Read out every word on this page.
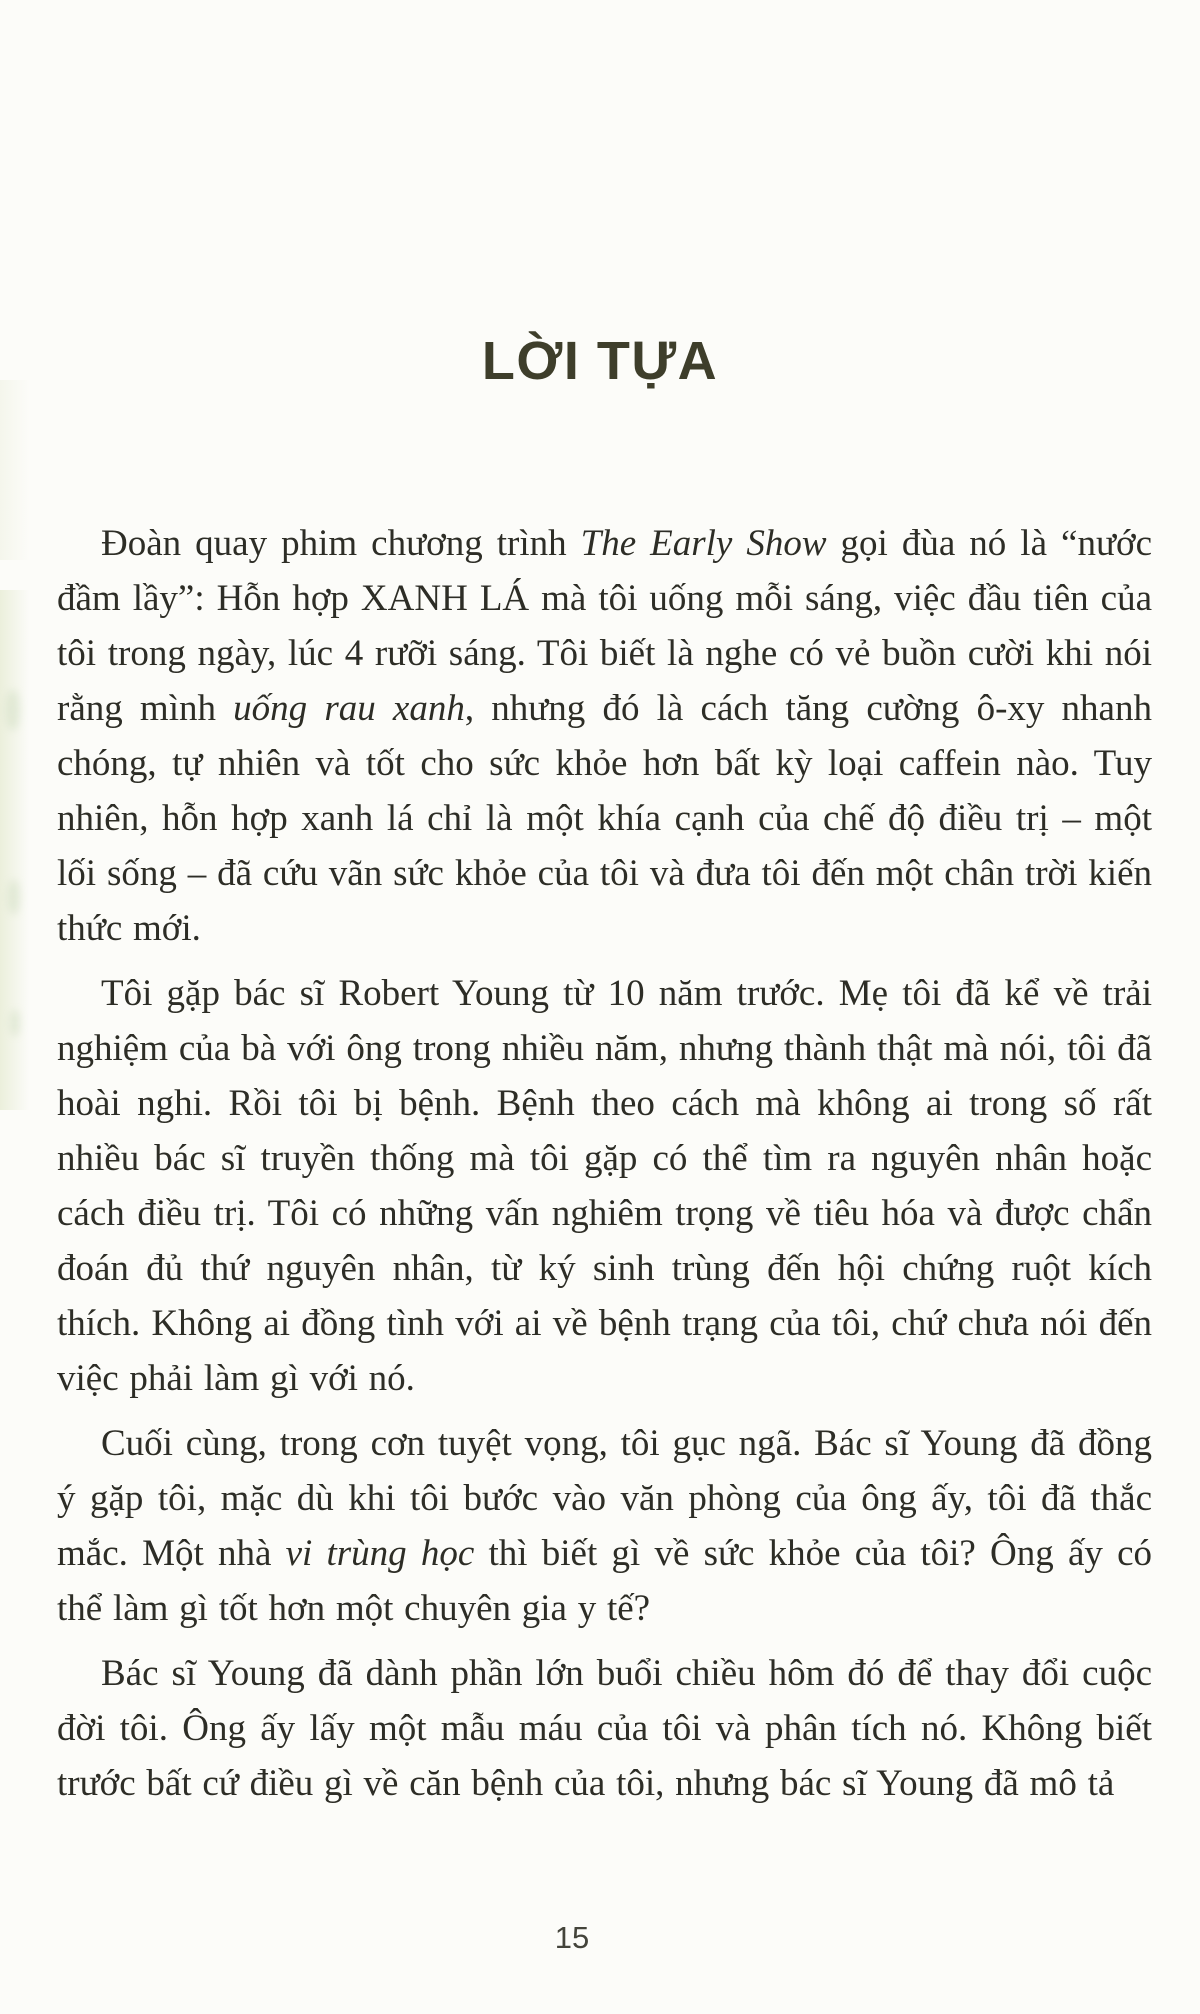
LỜI TỰA

Đoàn quay phim chương trình The Early Show gọi đùa nó là “nước đầm lầy”: Hỗn hợp XANH LÁ mà tôi uống mỗi sáng, việc đầu tiên của tôi trong ngày, lúc 4 rưỡi sáng. Tôi biết là nghe có vẻ buồn cười khi nói rằng mình uống rau xanh, nhưng đó là cách tăng cường ô-xy nhanh chóng, tự nhiên và tốt cho sức khỏe hơn bất kỳ loại caffein nào. Tuy nhiên, hỗn hợp xanh lá chỉ là một khía cạnh của chế độ điều trị – một lối sống – đã cứu vãn sức khỏe của tôi và đưa tôi đến một chân trời kiến thức mới.

Tôi gặp bác sĩ Robert Young từ 10 năm trước. Mẹ tôi đã kể về trải nghiệm của bà với ông trong nhiều năm, nhưng thành thật mà nói, tôi đã hoài nghi. Rồi tôi bị bệnh. Bệnh theo cách mà không ai trong số rất nhiều bác sĩ truyền thống mà tôi gặp có thể tìm ra nguyên nhân hoặc cách điều trị. Tôi có những vấn nghiêm trọng về tiêu hóa và được chẩn đoán đủ thứ nguyên nhân, từ ký sinh trùng đến hội chứng ruột kích thích. Không ai đồng tình với ai về bệnh trạng của tôi, chứ chưa nói đến việc phải làm gì với nó.

Cuối cùng, trong cơn tuyệt vọng, tôi gục ngã. Bác sĩ Young đã đồng ý gặp tôi, mặc dù khi tôi bước vào văn phòng của ông ấy, tôi đã thắc mắc. Một nhà vi trùng học thì biết gì về sức khỏe của tôi? Ông ấy có thể làm gì tốt hơn một chuyên gia y tế?

Bác sĩ Young đã dành phần lớn buổi chiều hôm đó để thay đổi cuộc đời tôi. Ông ấy lấy một mẫu máu của tôi và phân tích nó. Không biết trước bất cứ điều gì về căn bệnh của tôi, nhưng bác sĩ Young đã mô tả

15
